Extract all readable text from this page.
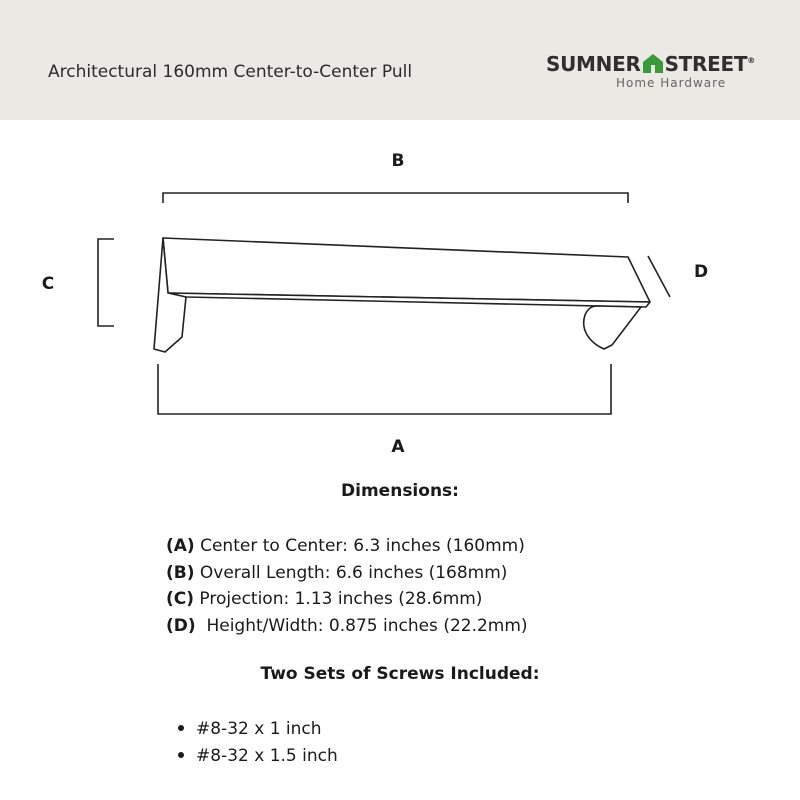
Architectural 160mm Center-to-Center Pull	SUMNER STREET®
Home Hardware
B
C
D
A
Dimensions:
(A) Center to Center: 6.3 inches (160mm)
(B) Overall Length: 6.6 inches (168mm)
(C) Projection: 1.13 inches (28.6mm)
(D)  Height/Width: 0.875 inches (22.2mm)
Two Sets of Screws Included:
#8-32 x 1 inch
#8-32 x 1.5 inch
